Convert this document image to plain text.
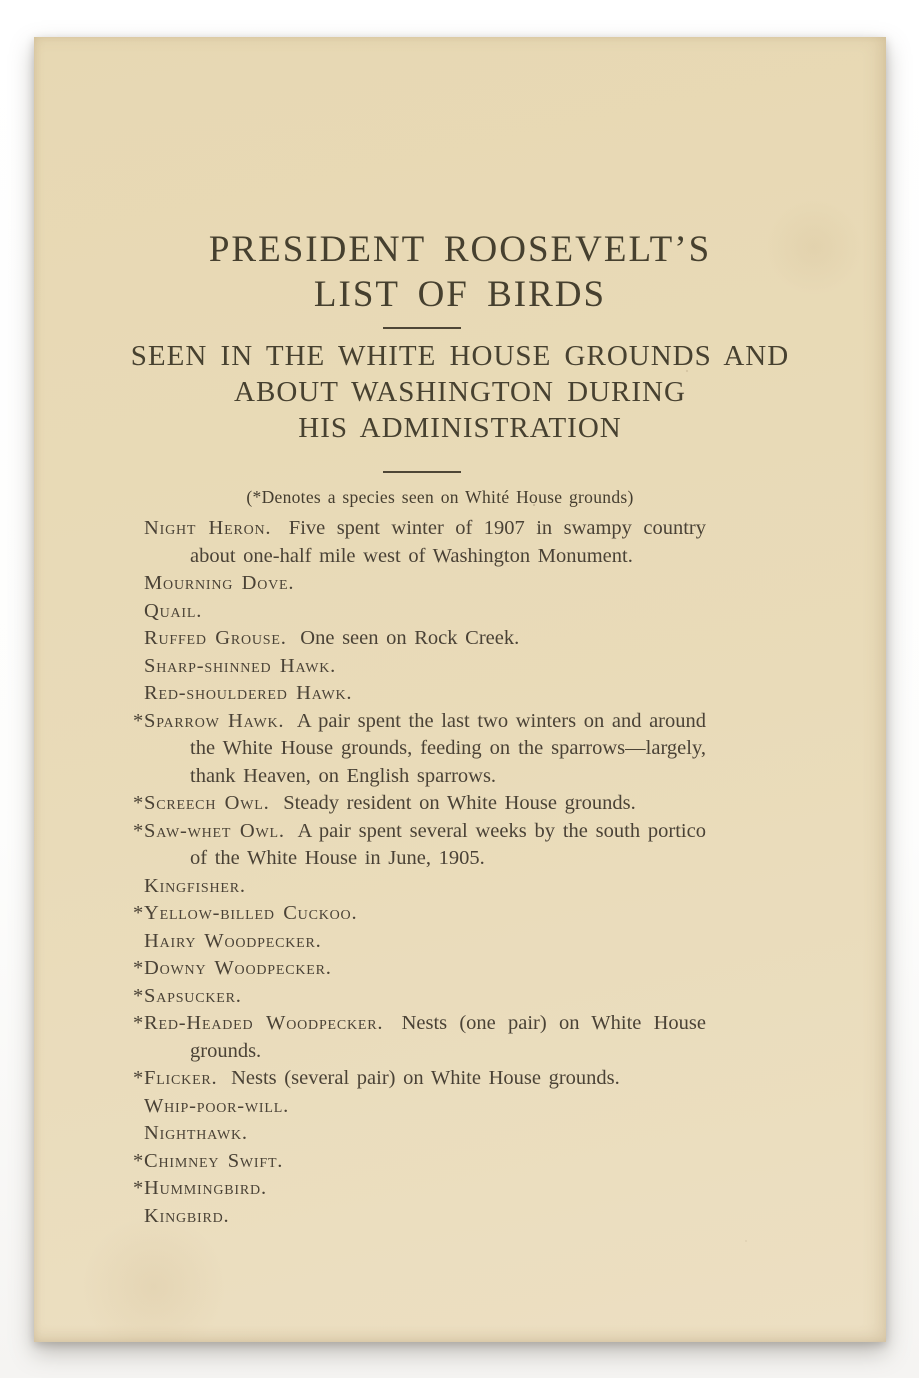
PRESIDENT ROOSEVELT’S
LIST OF BIRDS
SEEN IN THE WHITE HOUSE GROUNDS AND
ABOUT WASHINGTON DURING
HIS ADMINISTRATION
(*Denotes a species seen on Whité House grounds)
Night Heron. Five spent winter of 1907 in swampy country about one-half mile west of Washington Monument.
Mourning Dove.
Quail.
Ruffed Grouse. One seen on Rock Creek.
Sharp-shinned Hawk.
Red-shouldered Hawk.
*Sparrow Hawk. A pair spent the last two winters on and around the White House grounds, feeding on the sparrows—largely, thank Heaven, on English sparrows.
*Screech Owl. Steady resident on White House grounds.
*Saw-whet Owl. A pair spent several weeks by the south portico of the White House in June, 1905.
Kingfisher.
*Yellow-billed Cuckoo.
Hairy Woodpecker.
*Downy Woodpecker.
*Sapsucker.
*Red-Headed Woodpecker. Nests (one pair) on White House grounds.
*Flicker. Nests (several pair) on White House grounds.
Whip-poor-will.
Nighthawk.
*Chimney Swift.
*Hummingbird.
Kingbird.
